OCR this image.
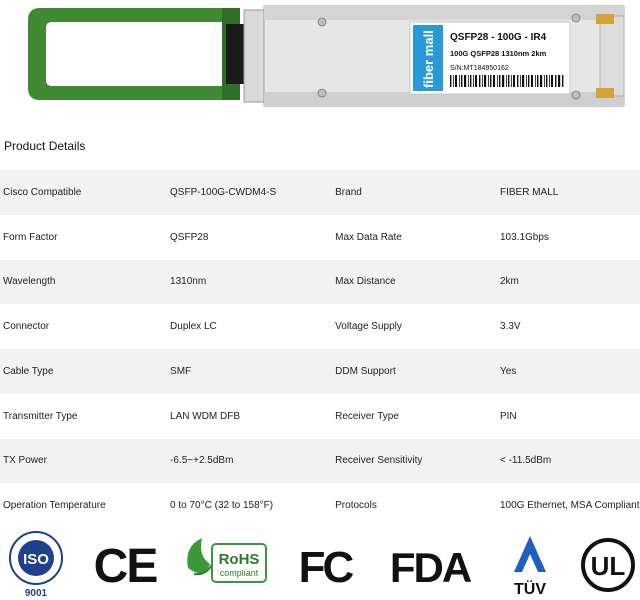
fiber mall QSFP28 - 100G - IR4
100G QSFP28 1310nm 2km
S/N:MT184950162
Product Details
Cisco Compatible	QSFP-100G-CWDM4-S	Brand	FIBER MALL
Form Factor	QSFP28	Max Data Rate	103.1Gbps
Wavelength	1310nm	Max Distance	2km
Connector	Duplex LC	Voltage Supply	3.3V
Cable Type	SMF	DDM Support	Yes
Transmitter Type	LAN WDM DFB	Receiver Type	PIN
TX Power	-6.5~+2.5dBm	Receiver Sensitivity	< -11.5dBm
Operation Temperature	0 to 70°C (32 to 158°F)	Protocols	100G Ethernet, MSA Compliant
ISO
9001
CE	RoHS
compliant FC FDA	TÜV
UL
